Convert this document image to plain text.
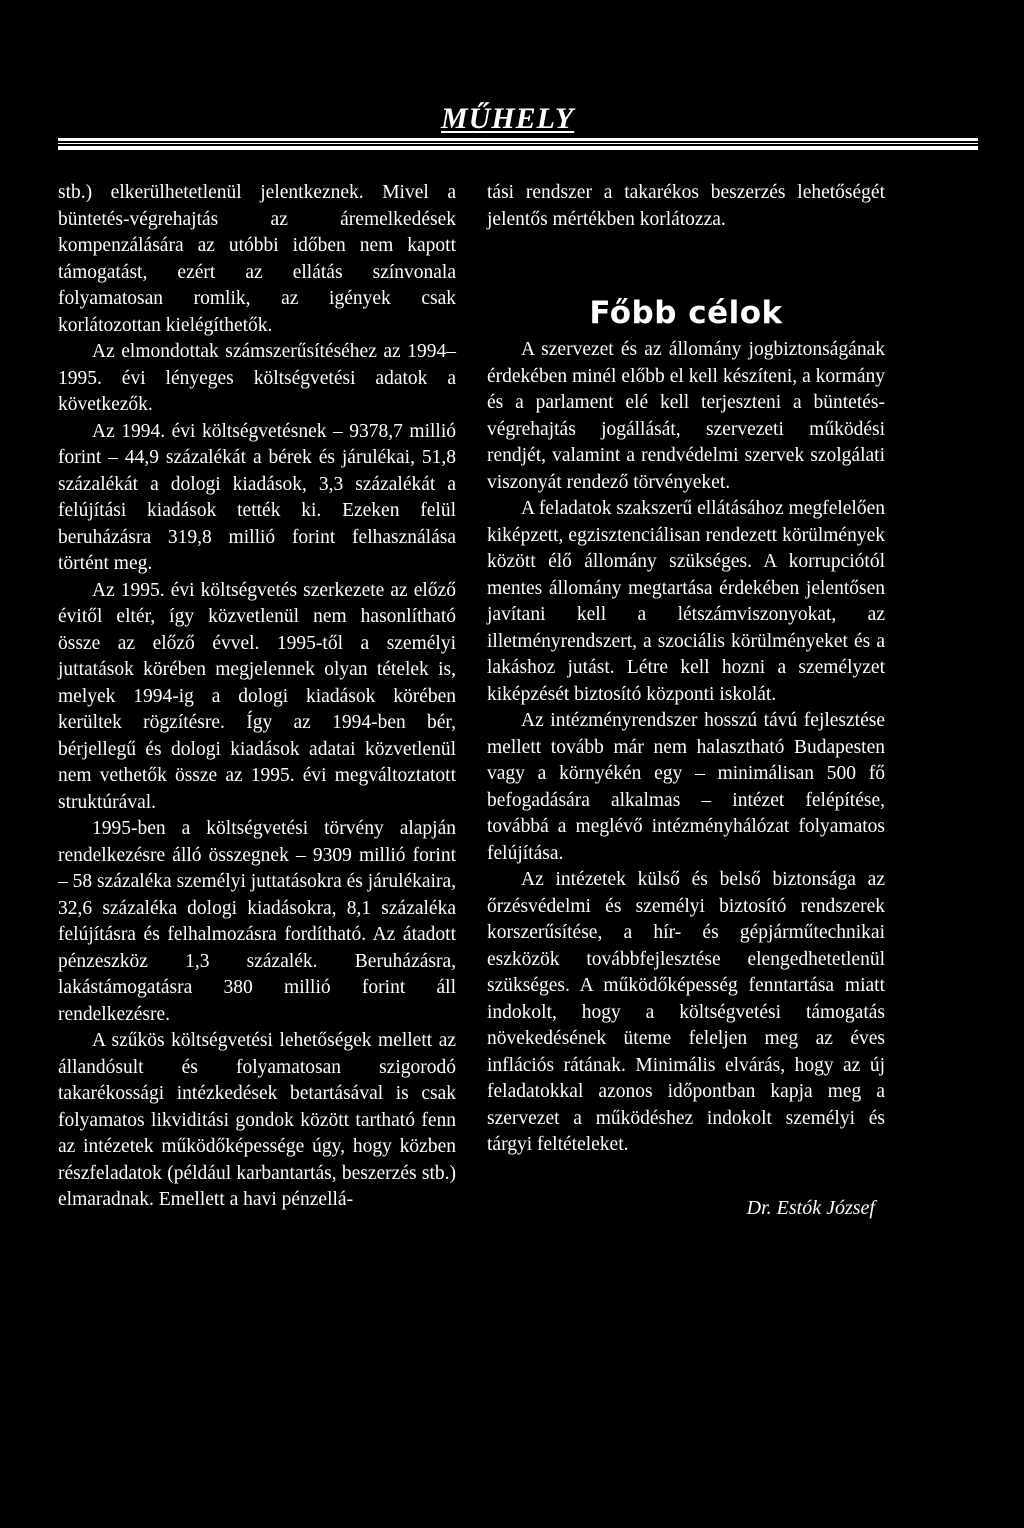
MŰHELY

stb.) elkerülhetetlenül jelentkeznek. Mivel a büntetés-végrehajtás az áremelkedések kompenzálására az utóbbi időben nem kapott támogatást, ezért az ellátás színvonala folyamatosan romlik, az igények csak korlátozottan kielégíthetők.

Az elmondottak számszerűsítéséhez az 1994–1995. évi lényeges költségvetési adatok a következők.

Az 1994. évi költségvetésnek – 9378,7 millió forint – 44,9 százalékát a bérek és járulékai, 51,8 százalékát a dologi kiadások, 3,3 százalékát a felújítási kiadások tették ki. Ezeken felül beruházásra 319,8 millió forint felhasználása történt meg.

Az 1995. évi költségvetés szerkezete az előző évitől eltér, így közvetlenül nem hasonlítható össze az előző évvel. 1995-től a személyi juttatások körében megjelennek olyan tételek is, melyek 1994-ig a dologi kiadások körében kerültek rögzítésre. Így az 1994-ben bér, bérjellegű és dologi kiadások adatai közvetlenül nem vethetők össze az 1995. évi megváltoztatott struktúrával.

1995-ben a költségvetési törvény alapján rendelkezésre álló összegnek – 9309 millió forint – 58 százaléka személyi juttatásokra és járulékaira, 32,6 százaléka dologi kiadásokra, 8,1 százaléka felújításra és felhalmozásra fordítható. Az átadott pénzeszköz 1,3 százalék. Beruházásra, lakástámogatásra 380 millió forint áll rendelkezésre.

A szűkös költségvetési lehetőségek mellett az állandósult és folyamatosan szigorodó takarékossági intézkedések betartásával is csak folyamatos likviditási gondok között tartható fenn az intézetek működőképessége úgy, hogy közben részfeladatok (például karbantartás, beszerzés stb.) elmaradnak. Emellett a havi pénzellá-

tási rendszer a takarékos beszerzés lehetőségét jelentős mértékben korlátozza.

Főbb célok

A szervezet és az állomány jogbiztonságának érdekében minél előbb el kell készíteni, a kormány és a parlament elé kell terjeszteni a büntetés-végrehajtás jogállását, szervezeti működési rendjét, valamint a rendvédelmi szervek szolgálati viszonyát rendező törvényeket.

A feladatok szakszerű ellátásához megfelelően kiképzett, egzisztenciálisan rendezett körülmények között élő állomány szükséges. A korrupciótól mentes állomány megtartása érdekében jelentősen javítani kell a létszámviszonyokat, az illetményrendszert, a szociális körülményeket és a lakáshoz jutást. Létre kell hozni a személyzet kiképzését biztosító központi iskolát.

Az intézményrendszer hosszú távú fejlesztése mellett tovább már nem halasztható Budapesten vagy a környékén egy – minimálisan 500 fő befogadására alkalmas – intézet felépítése, továbbá a meglévő intézményhálózat folyamatos felújítása.

Az intézetek külső és belső biztonsága az őrzésvédelmi és személyi biztosító rendszerek korszerűsítése, a hír- és gépjárműtechnikai eszközök továbbfejlesztése elengedhetetlenül szükséges. A működőképesség fenntartása miatt indokolt, hogy a költségvetési támogatás növekedésének üteme feleljen meg az éves inflációs rátának. Minimális elvárás, hogy az új feladatokkal azonos időpontban kapja meg a szervezet a működéshez indokolt személyi és tárgyi feltételeket.

Dr. Estók József
